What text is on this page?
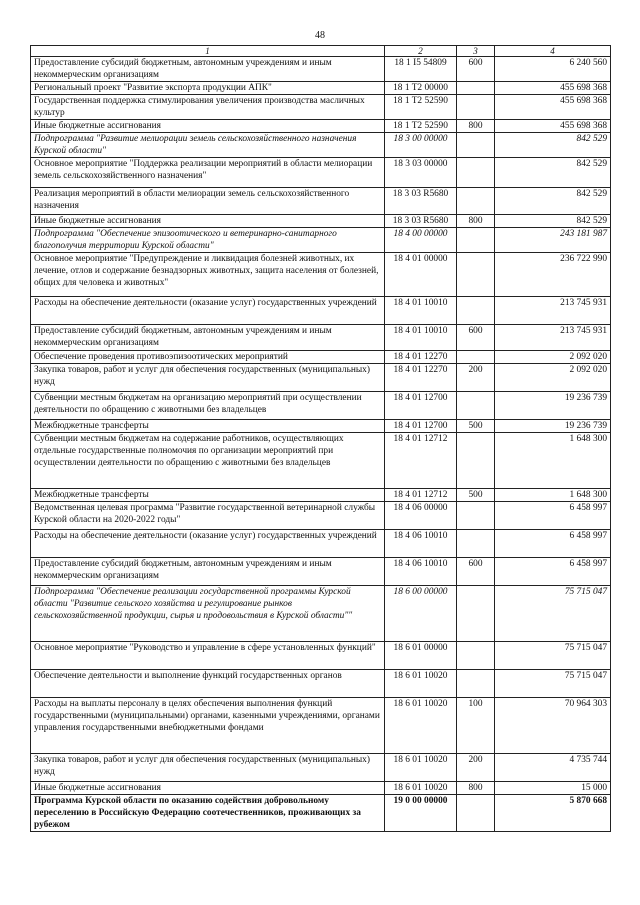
48
1	2	3	4
Предоставление субсидий бюджетным, автономным учреждениям и иным некоммерческим организациям	18 1 I5 54809	600	6 240 560
Региональный проект "Развитие экспорта продукции АПК"	18 1 T2 00000		455 698 368
Государственная поддержка стимулирования увеличения производства масличных культур	18 1 T2 52590		455 698 368
Иные бюджетные ассигнования	18 1 T2 52590	800	455 698 368
Подпрограмма "Развитие мелиорации земель сельскохозяйственного назначения Курской области"	18 3 00 00000		842 529
Основное мероприятие "Поддержка реализации мероприятий в области мелиорации земель сельскохозяйственного назначения"	18 3 03 00000		842 529
Реализация мероприятий в области мелиорации земель сельскохозяйственного назначения	18 3 03 R5680		842 529
Иные бюджетные ассигнования	18 3 03 R5680	800	842 529
Подпрограмма "Обеспечение эпизоотического и ветеринарно-санитарного благополучия территории Курской области"	18 4 00 00000		243 181 987
Основное мероприятие "Предупреждение и ликвидация болезней животных, их лечение, отлов и содержание безнадзорных животных, защита населения от болезней, общих для человека и животных"	18 4 01 00000		236 722 990
Расходы на обеспечение деятельности (оказание услуг) государственных учреждений	18 4 01 10010		213 745 931
Предоставление субсидий бюджетным, автономным учреждениям и иным некоммерческим организациям	18 4 01 10010	600	213 745 931
Обеспечение проведения противоэпизоотических мероприятий	18 4 01 12270		2 092 020
Закупка товаров, работ и услуг для обеспечения государственных (муниципальных) нужд	18 4 01 12270	200	2 092 020
Субвенции местным бюджетам на организацию мероприятий при осуществлении деятельности по обращению с животными без владельцев	18 4 01 12700		19 236 739
Межбюджетные трансферты	18 4 01 12700	500	19 236 739
Субвенции местным бюджетам на содержание работников, осуществляющих отдельные государственные полномочия по организации мероприятий при осуществлении деятельности по обращению с животными без владельцев	18 4 01 12712		1 648 300
Межбюджетные трансферты	18 4 01 12712	500	1 648 300
Ведомственная целевая программа "Развитие государственной ветеринарной службы Курской области на 2020-2022 годы"	18 4 06 00000		6 458 997
Расходы на обеспечение деятельности (оказание услуг) государственных учреждений	18 4 06 10010		6 458 997
Предоставление субсидий бюджетным, автономным учреждениям и иным некоммерческим организациям	18 4 06 10010	600	6 458 997
Подпрограмма "Обеспечение реализации государственной программы Курской области "Развитие сельского хозяйства и регулирование рынков сельскохозяйственной продукции, сырья и продовольствия в Курской области""	18 6 00 00000		75 715 047
Основное мероприятие "Руководство и управление в сфере установленных функций"	18 6 01 00000		75 715 047
Обеспечение деятельности и выполнение функций государственных органов	18 6 01 10020		75 715 047
Расходы на выплаты персоналу в целях обеспечения выполнения функций государственными (муниципальными) органами, казенными учреждениями, органами управления государственными внебюджетными фондами	18 6 01 10020	100	70 964 303
Закупка товаров, работ и услуг для обеспечения государственных (муниципальных) нужд	18 6 01 10020	200	4 735 744
Иные бюджетные ассигнования	18 6 01 10020	800	15 000
Программа Курской области по оказанию содействия добровольному переселению в Российскую Федерацию соотечественников, проживающих за рубежом	19 0 00 00000		5 870 668
